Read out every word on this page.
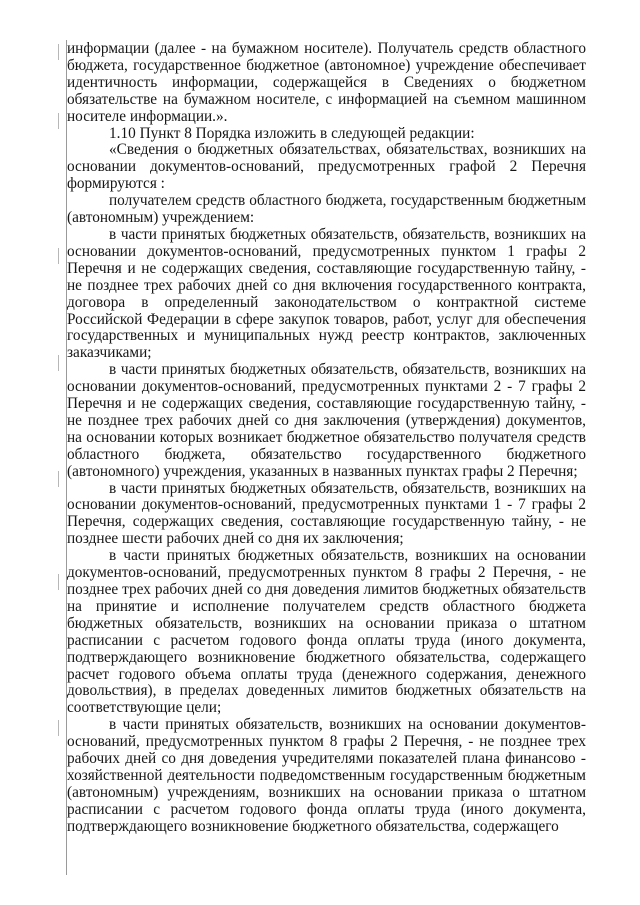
информации (далее - на бумажном носителе). Получатель средств областного бюджета, государственное бюджетное (автономное) учреждение обеспечивает идентичность информации, содержащейся в Сведениях о бюджетном обязательстве на бумажном носителе, с информацией на съемном машинном носителе информации.».

1.10 Пункт 8 Порядка изложить в следующей редакции:

«Сведения о бюджетных обязательствах, обязательствах, возникших на основании документов-оснований, предусмотренных графой 2 Перечня формируются :

получателем средств областного бюджета, государственным бюджетным (автономным) учреждением:

в части принятых бюджетных обязательств, обязательств, возникших на основании документов-оснований, предусмотренных пунктом 1 графы 2 Перечня и не содержащих сведения, составляющие государственную тайну, - не позднее трех рабочих дней со дня включения государственного контракта, договора в определенный законодательством о контрактной системе Российской Федерации в сфере закупок товаров, работ, услуг для обеспечения государственных и муниципальных нужд реестр контрактов, заключенных заказчиками;

в части принятых бюджетных обязательств, обязательств, возникших на основании документов-оснований, предусмотренных пунктами 2 - 7 графы 2 Перечня и не содержащих сведения, составляющие государственную тайну, - не позднее трех рабочих дней со дня заключения (утверждения) документов, на основании которых возникает бюджетное обязательство получателя средств областного бюджета, обязательство государственного бюджетного (автономного) учреждения, указанных в названных пунктах графы 2 Перечня;

в части принятых бюджетных обязательств, обязательств, возникших на основании документов-оснований, предусмотренных пунктами 1 - 7 графы 2 Перечня, содержащих сведения, составляющие государственную тайну, - не позднее шести рабочих дней со дня их заключения;

в части принятых бюджетных обязательств, возникших на основании документов-оснований, предусмотренных пунктом 8 графы 2 Перечня, - не позднее трех рабочих дней со дня доведения лимитов бюджетных обязательств на принятие и исполнение получателем средств областного бюджета бюджетных обязательств, возникших на основании приказа о штатном расписании с расчетом годового фонда оплаты труда (иного документа, подтверждающего возникновение бюджетного обязательства, содержащего расчет годового объема оплаты труда (денежного содержания, денежного довольствия), в пределах доведенных лимитов бюджетных обязательств на соответствующие цели;

в части принятых обязательств, возникших на основании документов-оснований, предусмотренных пунктом 8 графы 2 Перечня, - не позднее трех рабочих дней со дня доведения учредителями показателей плана финансово - хозяйственной деятельности подведомственным государственным бюджетным (автономным) учреждениям, возникших на основании приказа о штатном расписании с расчетом годового фонда оплаты труда (иного документа, подтверждающего возникновение бюджетного обязательства, содержащего
